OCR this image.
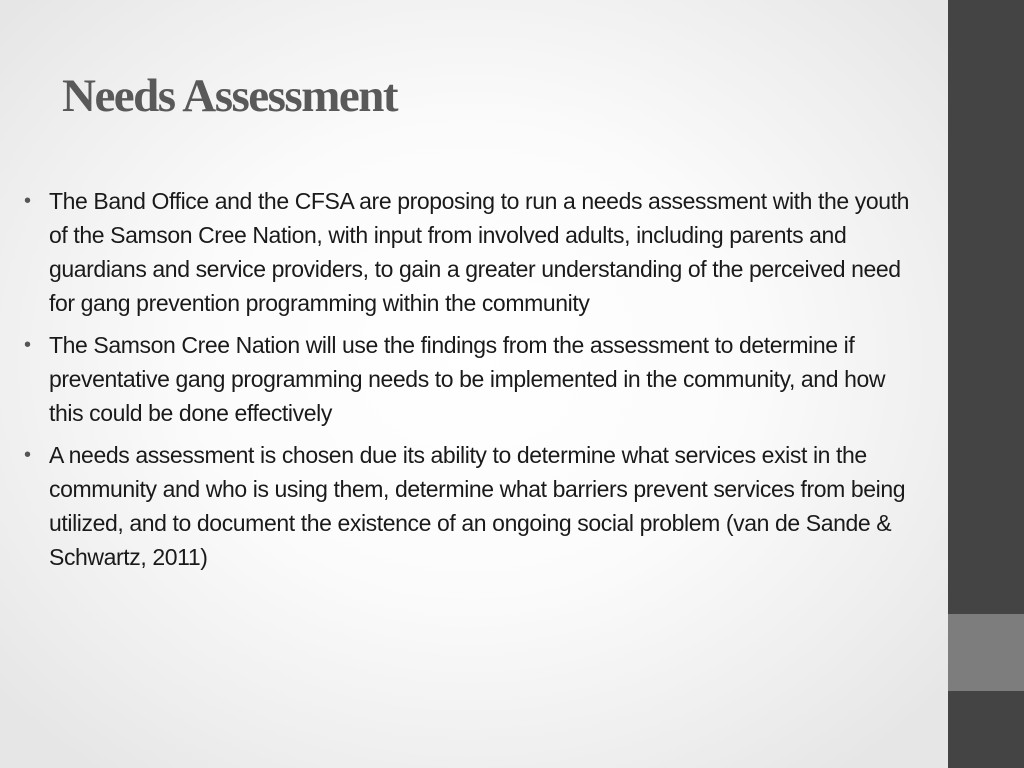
Needs Assessment
• The Band Office and the CFSA are proposing to run a needs assessment with the youth of the Samson Cree Nation, with input from involved adults, including parents and guardians and service providers, to gain a greater understanding of the perceived need for gang prevention programming within the community
• The Samson Cree Nation will use the findings from the assessment to determine if preventative gang programming needs to be implemented in the community, and how this could be done effectively
• A needs assessment is chosen due its ability to determine what services exist in the community and who is using them, determine what barriers prevent services from being utilized, and to document the existence of an ongoing social problem (van de Sande & Schwartz, 2011)
